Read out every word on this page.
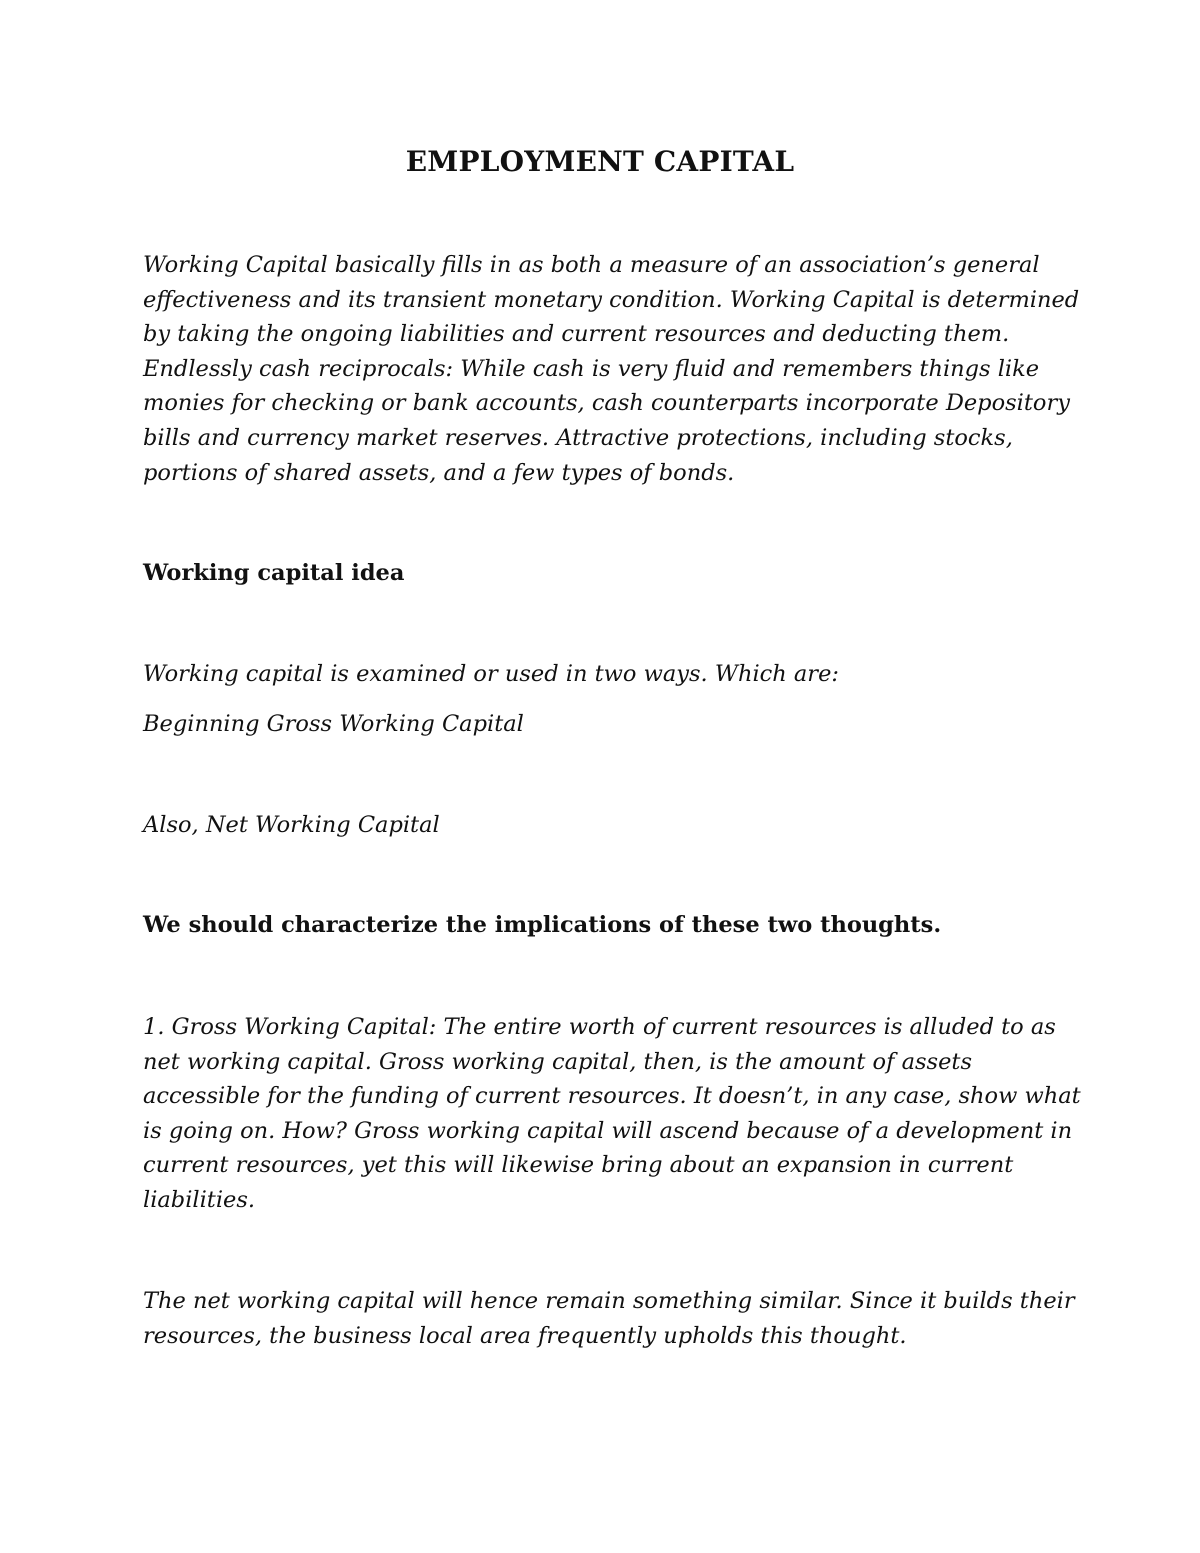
EMPLOYMENT CAPITAL
Working Capital basically fills in as both a measure of an association’s general effectiveness and its transient monetary condition. Working Capital is determined by taking the ongoing liabilities and current resources and deducting them. Endlessly cash reciprocals: While cash is very fluid and remembers things like monies for checking or bank accounts, cash counterparts incorporate Depository bills and currency market reserves. Attractive protections, including stocks, portions of shared assets, and a few types of bonds.
Working capital idea
Working capital is examined or used in two ways. Which are:
Beginning Gross Working Capital
Also, Net Working Capital
We should characterize the implications of these two thoughts.
1. Gross Working Capital: The entire worth of current resources is alluded to as net working capital. Gross working capital, then, is the amount of assets accessible for the funding of current resources. It doesn’t, in any case, show what is going on. How? Gross working capital will ascend because of a development in current resources, yet this will likewise bring about an expansion in current liabilities.
The net working capital will hence remain something similar. Since it builds their resources, the business local area frequently upholds this thought.
